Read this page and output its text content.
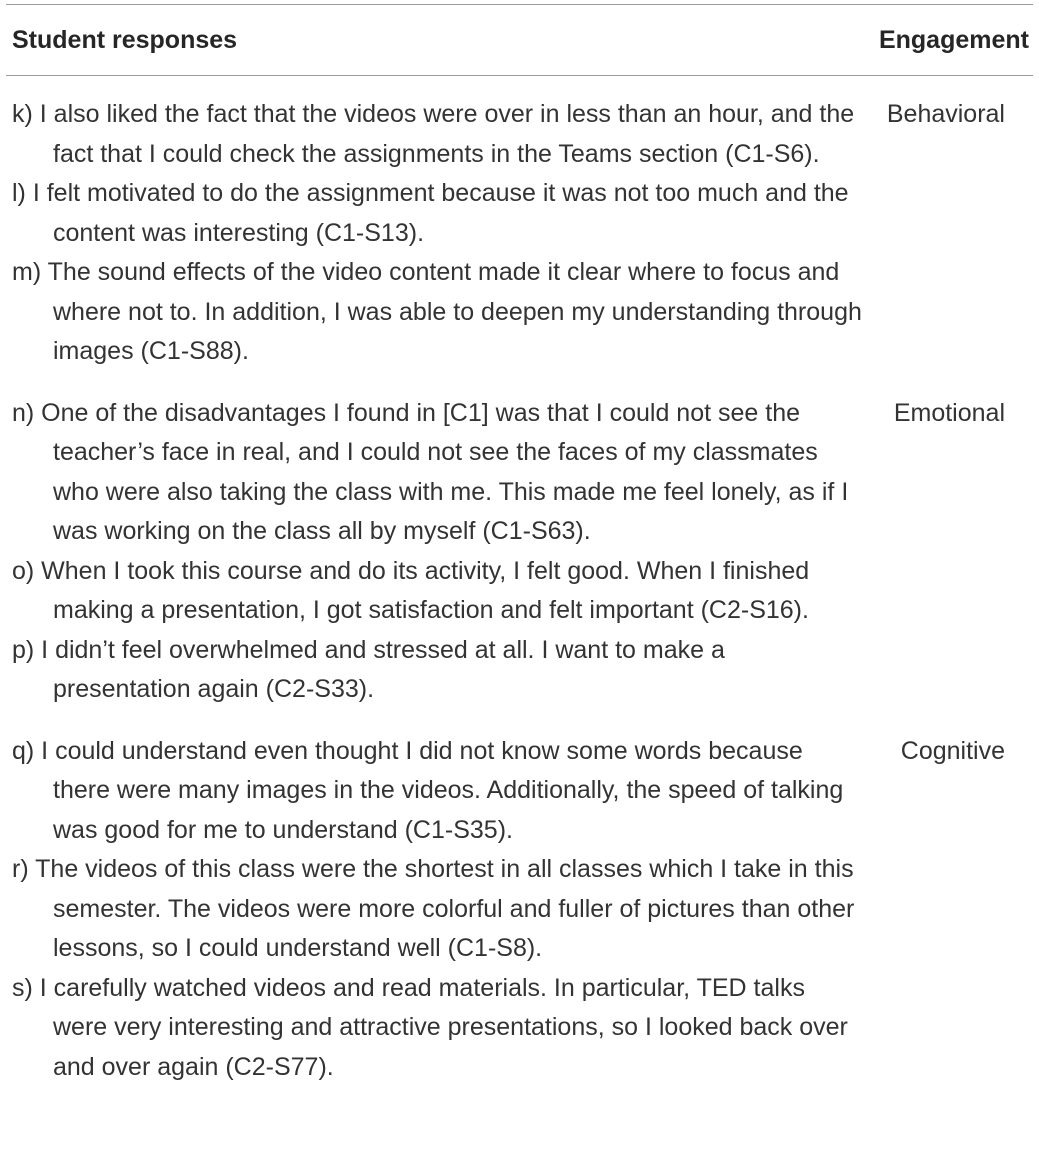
Student responses	Engagement
k) I also liked the fact that the videos were over in less than an hour, and the fact that I could check the assignments in the Teams section (C1-S6).
l) I felt motivated to do the assignment because it was not too much and the content was interesting (C1-S13).
m) The sound effects of the video content made it clear where to focus and where not to. In addition, I was able to deepen my understanding through images (C1-S88).
Behavioral
n) One of the disadvantages I found in [C1] was that I could not see the teacher’s face in real, and I could not see the faces of my classmates who were also taking the class with me. This made me feel lonely, as if I was working on the class all by myself (C1-S63).
o) When I took this course and do its activity, I felt good. When I finished making a presentation, I got satisfaction and felt important (C2-S16).
p) I didn’t feel overwhelmed and stressed at all. I want to make a presentation again (C2-S33).
Emotional
q) I could understand even thought I did not know some words because there were many images in the videos. Additionally, the speed of talking was good for me to understand (C1-S35).
r) The videos of this class were the shortest in all classes which I take in this semester. The videos were more colorful and fuller of pictures than other lessons, so I could understand well (C1-S8).
s) I carefully watched videos and read materials. In particular, TED talks were very interesting and attractive presentations, so I looked back over and over again (C2-S77).
Cognitive
